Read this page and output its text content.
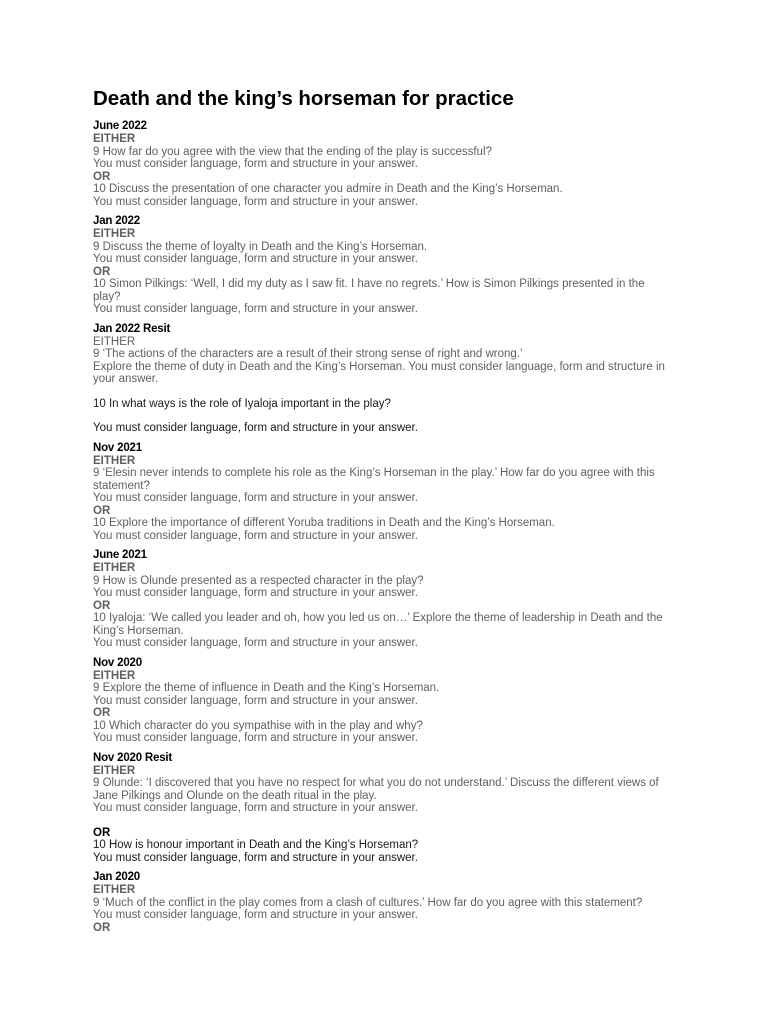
Death and the king’s horseman for practice
June 2022
EITHER
9 How far do you agree with the view that the ending of the play is successful?
You must consider language, form and structure in your answer.
OR
10 Discuss the presentation of one character you admire in Death and the King’s Horseman.
You must consider language, form and structure in your answer.
Jan 2022
EITHER
9 Discuss the theme of loyalty in Death and the King’s Horseman.
You must consider language, form and structure in your answer.
OR
10 Simon Pilkings: ‘Well, I did my duty as I saw fit. I have no regrets.’ How is Simon Pilkings presented in the
play?
You must consider language, form and structure in your answer.
Jan 2022 Resit
EITHER
9 ‘The actions of the characters are a result of their strong sense of right and wrong.’
Explore the theme of duty in Death and the King’s Horseman. You must consider language, form and structure in
your answer.
10 In what ways is the role of Iyaloja important in the play?
You must consider language, form and structure in your answer.
Nov 2021
EITHER
9 ‘Elesin never intends to complete his role as the King’s Horseman in the play.’ How far do you agree with this
statement?
You must consider language, form and structure in your answer.
OR
10 Explore the importance of different Yoruba traditions in Death and the King’s Horseman.
You must consider language, form and structure in your answer.
June 2021
EITHER
9 How is Olunde presented as a respected character in the play?
You must consider language, form and structure in your answer.
OR
10 Iyaloja: ‘We called you leader and oh, how you led us on…’ Explore the theme of leadership in Death and the
King’s Horseman.
You must consider language, form and structure in your answer.
Nov 2020
EITHER
9 Explore the theme of influence in Death and the King’s Horseman.
You must consider language, form and structure in your answer.
OR
10 Which character do you sympathise with in the play and why?
You must consider language, form and structure in your answer.
Nov 2020 Resit
EITHER
9 Olunde: ‘I discovered that you have no respect for what you do not understand.’ Discuss the different views of
Jane Pilkings and Olunde on the death ritual in the play.
You must consider language, form and structure in your answer.
OR
10 How is honour important in Death and the King’s Horseman?
You must consider language, form and structure in your answer.
Jan 2020
EITHER
9 ‘Much of the conflict in the play comes from a clash of cultures.’ How far do you agree with this statement?
You must consider language, form and structure in your answer.
OR
